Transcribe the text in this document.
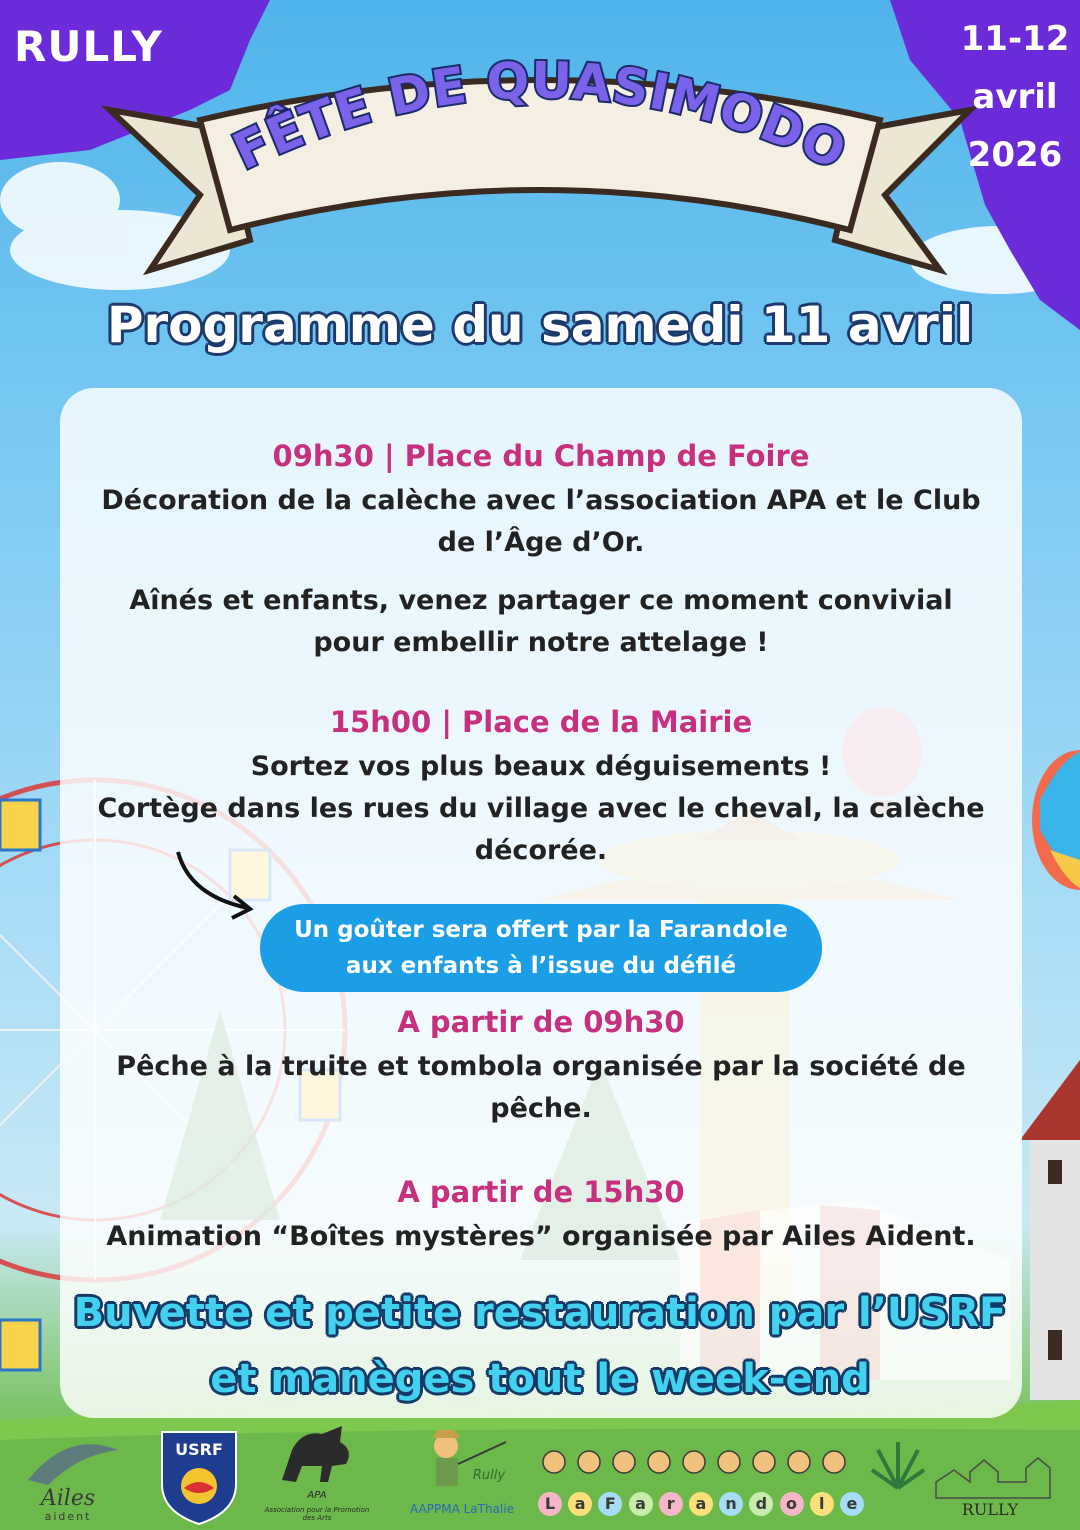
RULLY	11-12
avril
2026
FÊTE DE QUASIMODO
Programme du samedi 11 avril
09h30 | Place du Champ de Foire
Décoration de la calèche avec l’association APA et le Club
de l’Âge d’Or.
Aînés et enfants, venez partager ce moment convivial
pour embellir notre attelage !
15h00 | Place de la Mairie
Sortez vos plus beaux déguisements !
Cortège dans les rues du village avec le cheval, la calèche
décorée.
Un goûter sera offert par la Farandole
aux enfants à l’issue du défilé
A partir de 09h30
Pêche à la truite et tombola organisée par la société de
pêche.
A partir de 15h30
Animation “Boîtes mystères” organisée par Ailes Aident.
Buvette et petite restauration par l’USRF
et manèges tout le week-end
Ailes
aident
USRF
APA
Association pour la Promotion des Arts
Rully
AAPPMA LaThalie	L	a	F	a	r	a	n	d	o	l	e	RULLY
